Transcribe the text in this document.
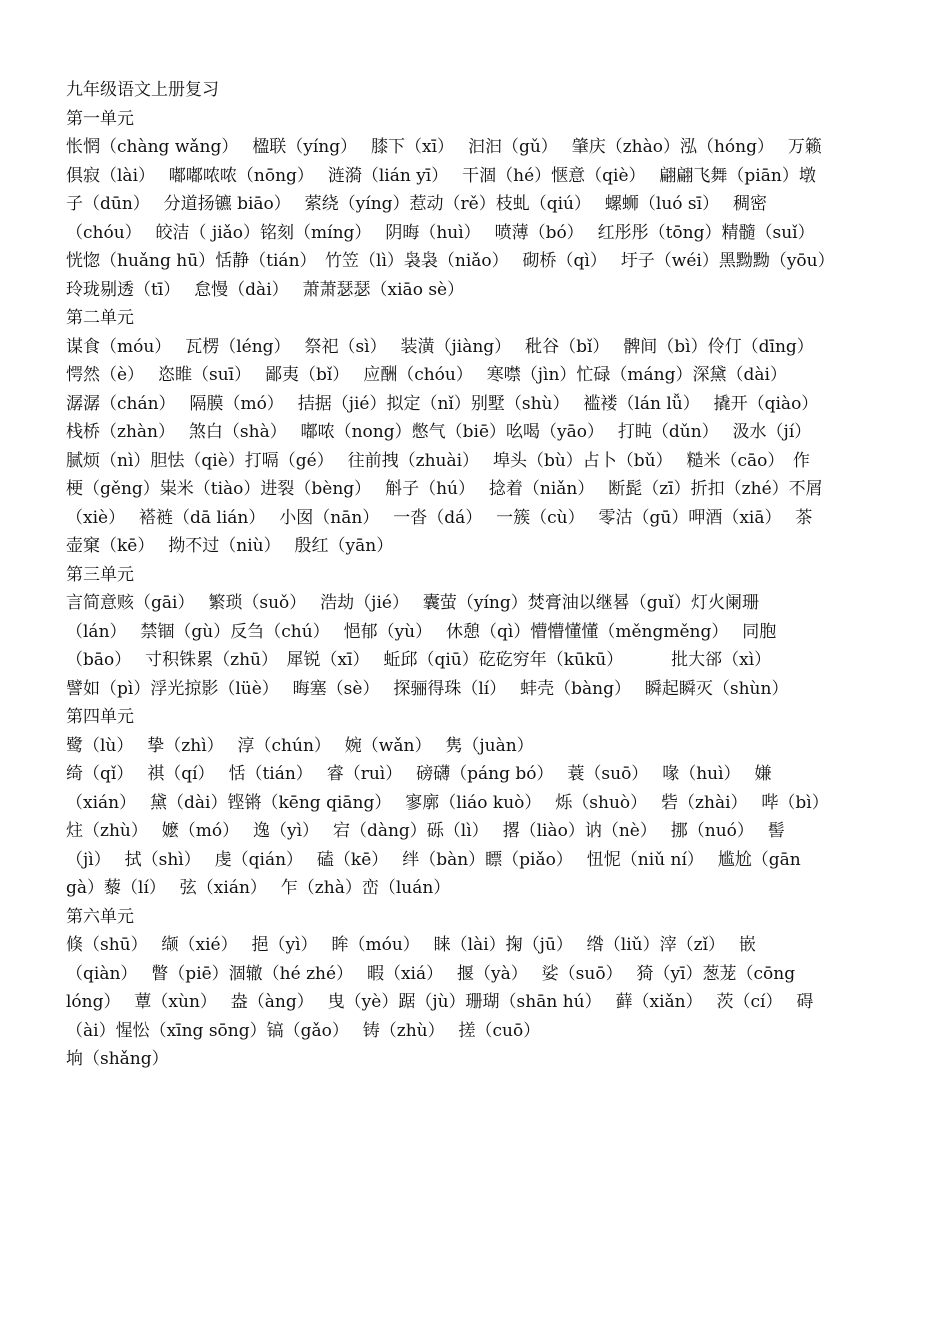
九年级语文上册复习
第一单元
怅惘（chàng wǎng）　 楹联（yíng）　 膝下（xī）　 汩汩（gǔ）　 肇庆（zhào）泓（hóng）　 万籁
俱寂（lài）　 嘟嘟哝哝（nōng）　 涟漪（lián yī）　 干涸（hé）惬意（qiè）　 翩翩飞舞（piān）墩
子（dūn）　 分道扬镳 biāo）　 萦绕（yíng）惹动（rě）枝虬（qiú）　 螺蛳（luó sī）　 稠密
（chóu）　 皎洁（ jiǎo）铭刻（míng）　 阴晦（huì）　 喷薄（bó）　 红彤彤（tōng）精髓（suǐ）
恍惚（huǎng hū）恬静（tián）　竹笠（lì）袅袅（niǎo）　 砌桥（qì）　 圩子（wéi）黑黝黝（yōu）
玲珑剔透（tī）　 怠慢（dài）　 萧萧瑟瑟（xiāo sè）
第二单元
谋食（móu）　 瓦楞（léng）　 祭祀（sì）　 装潢（jiàng）　 秕谷（bǐ）　 髀间（bì）伶仃（dīng）
愕然（è）　 恣睢（suī）　 鄙夷（bǐ）　 应酬（chóu）　 寒噤（jìn）忙碌（máng）深黛（dài）
潺潺（chán）　 隔膜（mó）　 拮据（jié）拟定（nǐ）别墅（shù）　 褴褛（lán lǚ）　 撬开（qiào）
栈桥（zhàn）　 煞白（shà）　 嘟哝（nong）憋气（biē）吆喝（yāo）　 打盹（dǔn）　 汲水（jí）
腻烦（nì）胆怯（qiè）打嗝（gé）　 往前拽（zhuài）　 埠头（bù）占卜（bǔ）　 糙米（cāo）　作
梗（gěng）粜米（tiào）进裂（bèng）　 斛子（hú）　 捻着（niǎn）　 断髭（zī）折扣（zhé）不屑
（xiè）　 褡裢（dā lián）　 小囡（nān）　 一沓（dá）　 一簇（cù）　 零沽（gū）呷酒（xiā）　 茶
壶窠（kē）　 拗不过（niù）　 殷红（yān）
第三单元
言简意赅（gāi）　 繁琐（suǒ）　 浩劫（jié）　 囊萤（yíng）焚膏油以继晷（guǐ）灯火阑珊
（lán）　 禁锢（gù）反刍（chú）　 悒郁（yù）　 休憩（qì）懵懵懂懂（měngměng）　 同胞
（bāo）　 寸积铢累（zhū）　犀锐（xī）　 蚯邱（qiū）矻矻穷年（kūkū）　　　 批大郤（xì）
譬如（pì）浮光掠影（lüè）　 晦塞（sè）　 探骊得珠（lí）　 蚌壳（bàng）　 瞬起瞬灭（shùn）
第四单元
鹭（lù）　 挚（zhì）　 淳（chún）　 婉（wǎn）　 隽（juàn）
绮（qǐ）　 祺（qí）　 恬（tián）　 睿（ruì）　 磅礴（páng bó）　 蓑（suō）　 喙（huì）　 嫌
（xián）　 黛（dài）铿锵（kēng qiāng）　 寥廓（liáo kuò）　 烁（shuò）　 砦（zhài）　 哔（bì）
炷（zhù）　 嬷（mó）　 逸（yì）　 宕（dàng）砾（lì）　 撂（liào）讷（nè）　 挪（nuó）　 髻
（jì）　 拭（shì）　 虔（qián）　 磕（kē）　 绊（bàn）瞟（piǎo）　 忸怩（niǔ ní）　 尴尬（gān
gà）藜（lí）　 弦（xián）　 乍（zhà）峦（luán）
第六单元
倏（shū）　 缬（xié）　 挹（yì）　 眸（móu）　 睐（lài）掬（jū）　 绺（liǔ）滓（zǐ）　 嵌
（qiàn）　 瞥（piē）涸辙（hé zhé）　 暇（xiá）　 揠（yà）　 娑（suō）　 猗（yī）葱茏（cōng
lóng）　 蕈（xùn）　 盎（àng）　 曳（yè）踞（jù）珊瑚（shān hú）　 藓（xiǎn）　 茨（cí）　 碍
（ài）惺忪（xīng sōng）镐（gǎo）　 铸（zhù）　 搓（cuō）
垧（shǎng）
